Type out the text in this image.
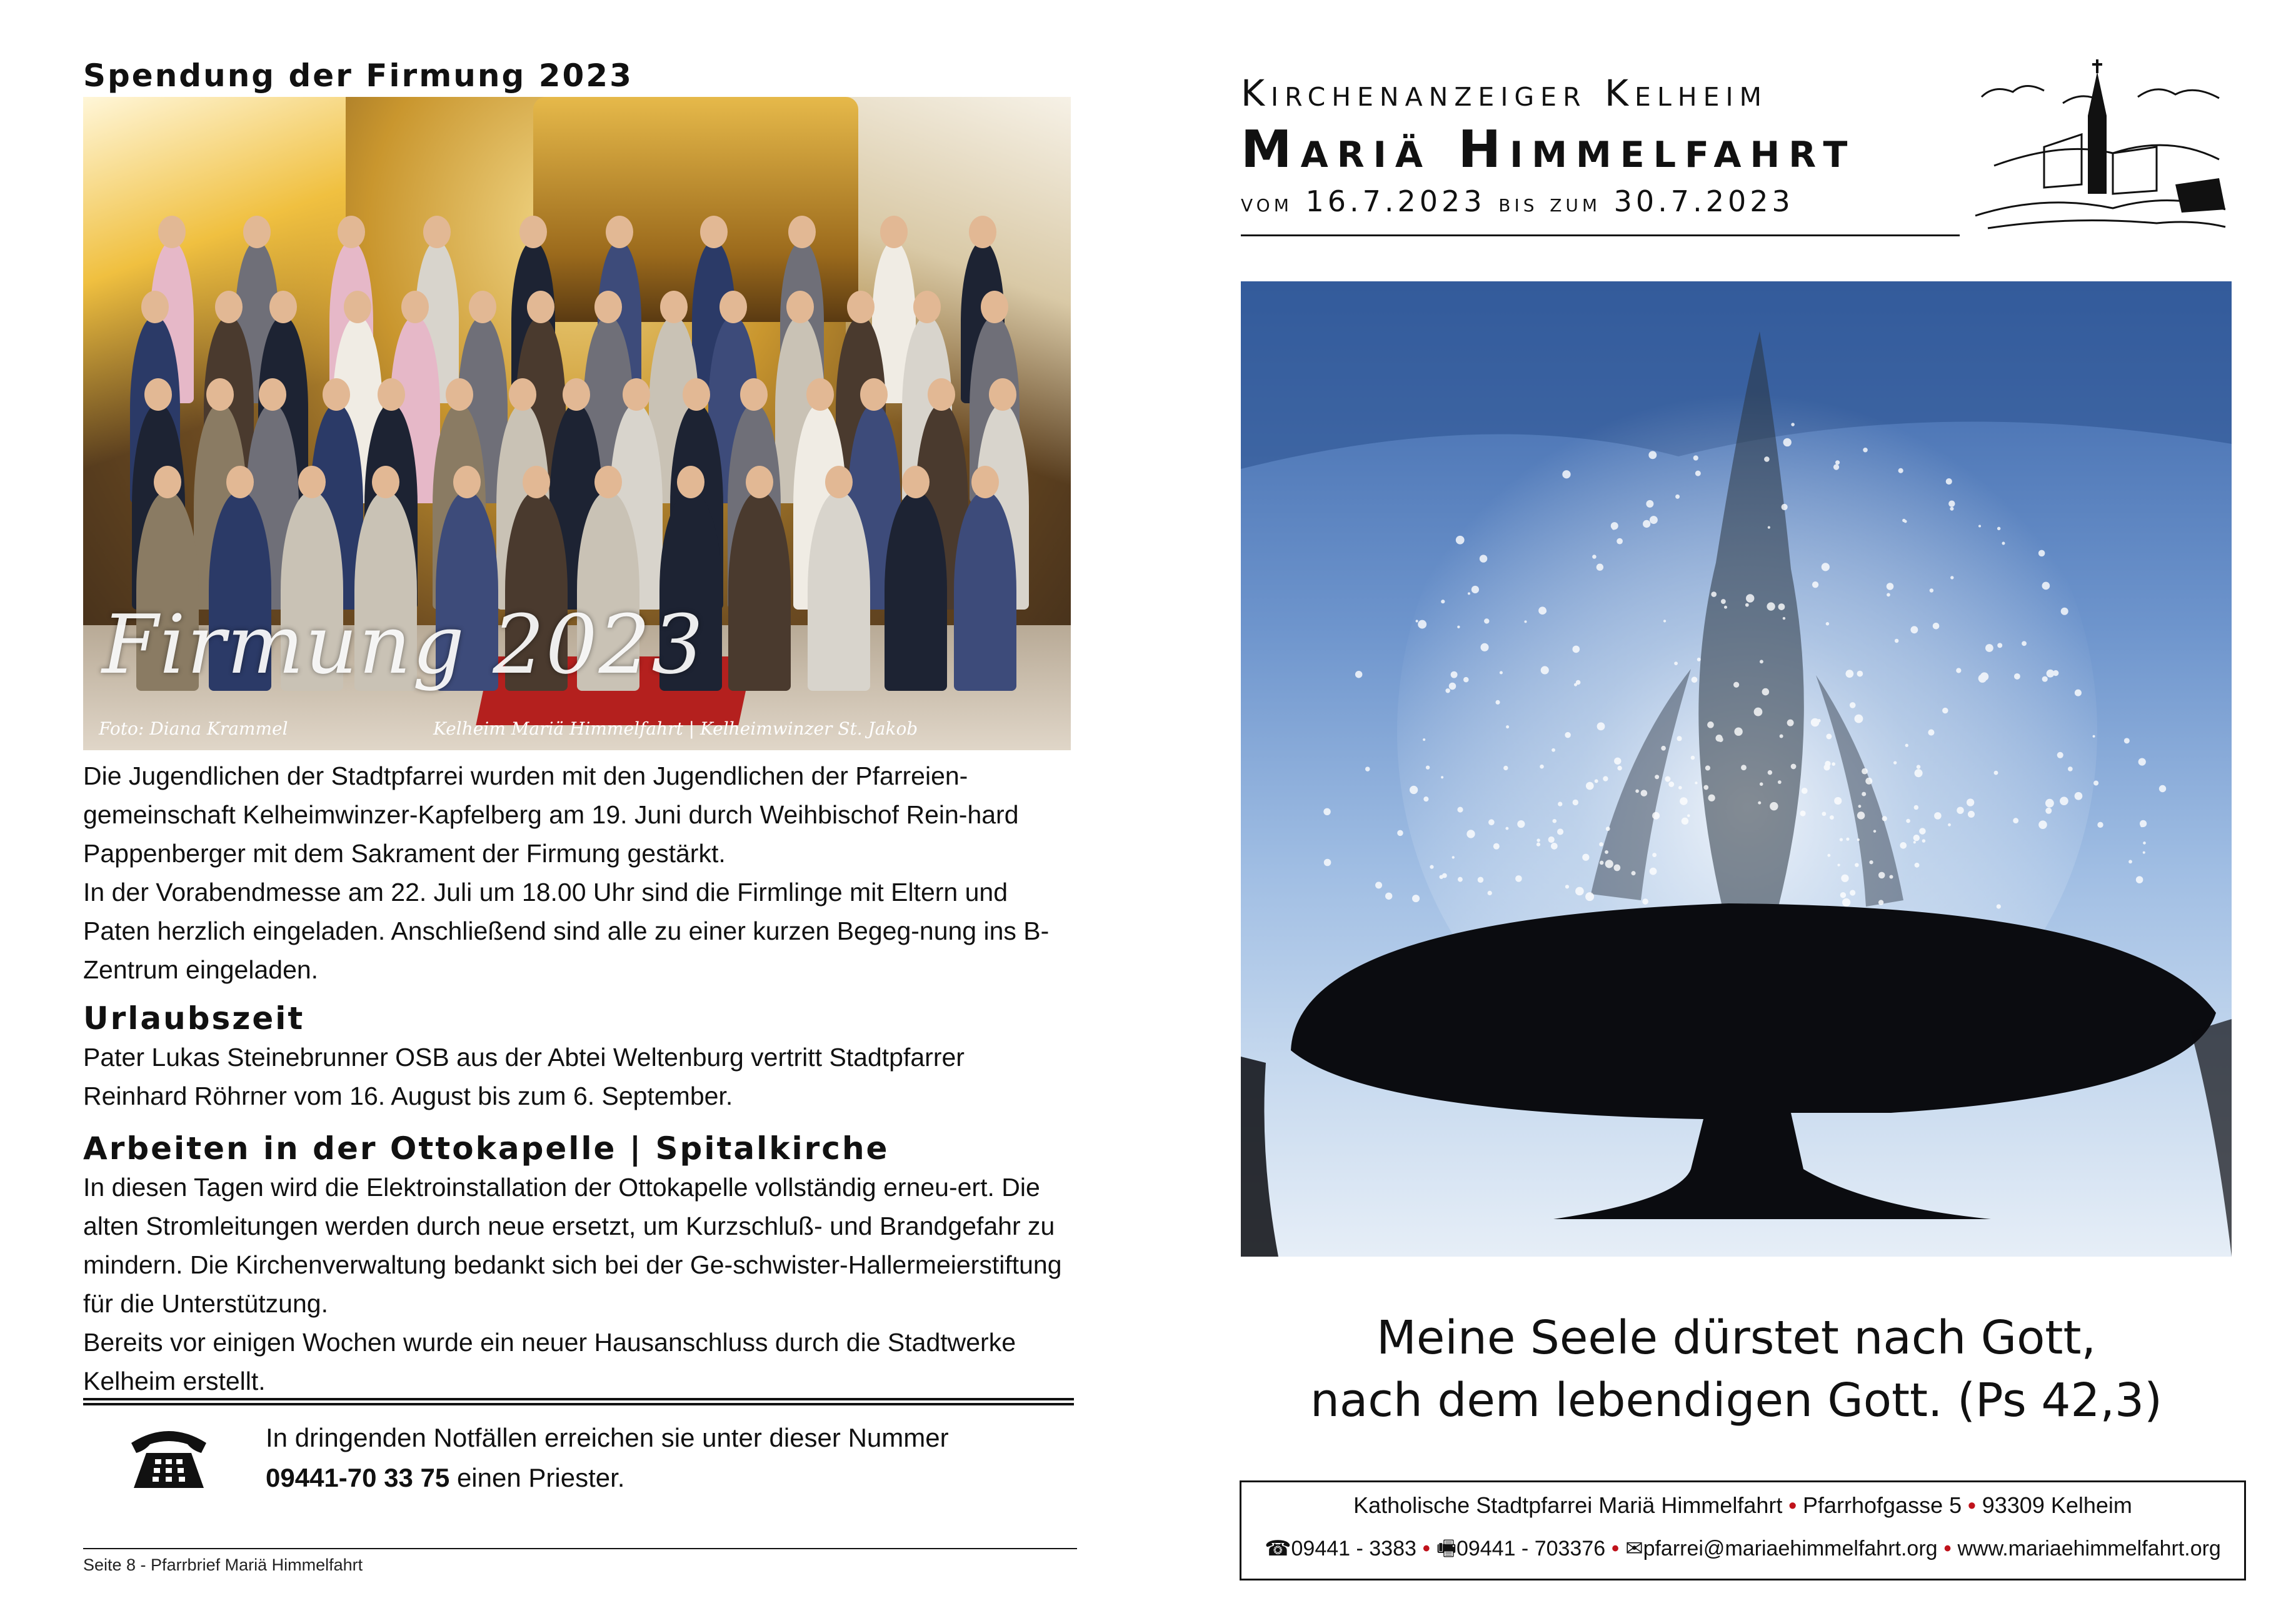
Spendung der Firmung 2023
Firmung 2023
Foto: Diana Krammel	Kelheim Mariä Himmelfahrt | Kelheimwinzer St. Jakob

Die Jugendlichen der Stadtpfarrei wurden mit den Jugendlichen der Pfarreien-gemeinschaft Kelheimwinzer-Kapfelberg am 19. Juni durch Weihbischof Rein-hard Pappenberger mit dem Sakrament der Firmung gestärkt.

In der Vorabendmesse am 22. Juli um 18.00 Uhr sind die Firmlinge mit Eltern und Paten herzlich eingeladen. Anschließend sind alle zu einer kurzen Begeg-nung ins B-Zentrum eingeladen.

Urlaubszeit

Pater Lukas Steinebrunner OSB aus der Abtei Weltenburg vertritt Stadtpfarrer Reinhard Röhrner vom 16. August bis zum 6. September.

Arbeiten in der Ottokapelle | Spitalkirche

In diesen Tagen wird die Elektroinstallation der Ottokapelle vollständig erneu-ert. Die alten Stromleitungen werden durch neue ersetzt, um Kurzschluß- und Brandgefahr zu mindern. Die Kirchenverwaltung bedankt sich bei der Ge-schwister-Hallermeierstiftung für die Unterstützung.

Bereits vor einigen Wochen wurde ein neuer Hausanschluss durch die Stadtwerke Kelheim erstellt.

In dringenden Notfällen erreichen sie unter dieser Nummer
09441-70 33 75 einen Priester.
Seite 8 - Pfarrbrief Mariä Himmelfahrt
Kirchenanzeiger Kelheim
Mariä Himmelfahrt
vom 16.7.2023 bis zum 30.7.2023
Meine Seele dürstet nach Gott,
nach dem lebendigen Gott. (Ps 42,3)
Katholische Stadtpfarrei Mariä Himmelfahrt • Pfarrhofgasse 5 • 93309 Kelheim
☎09441 - 3383 • 🖷09441 - 703376 • ✉pfarrei@mariaehimmelfahrt.org • www.mariaehimmelfahrt.org
